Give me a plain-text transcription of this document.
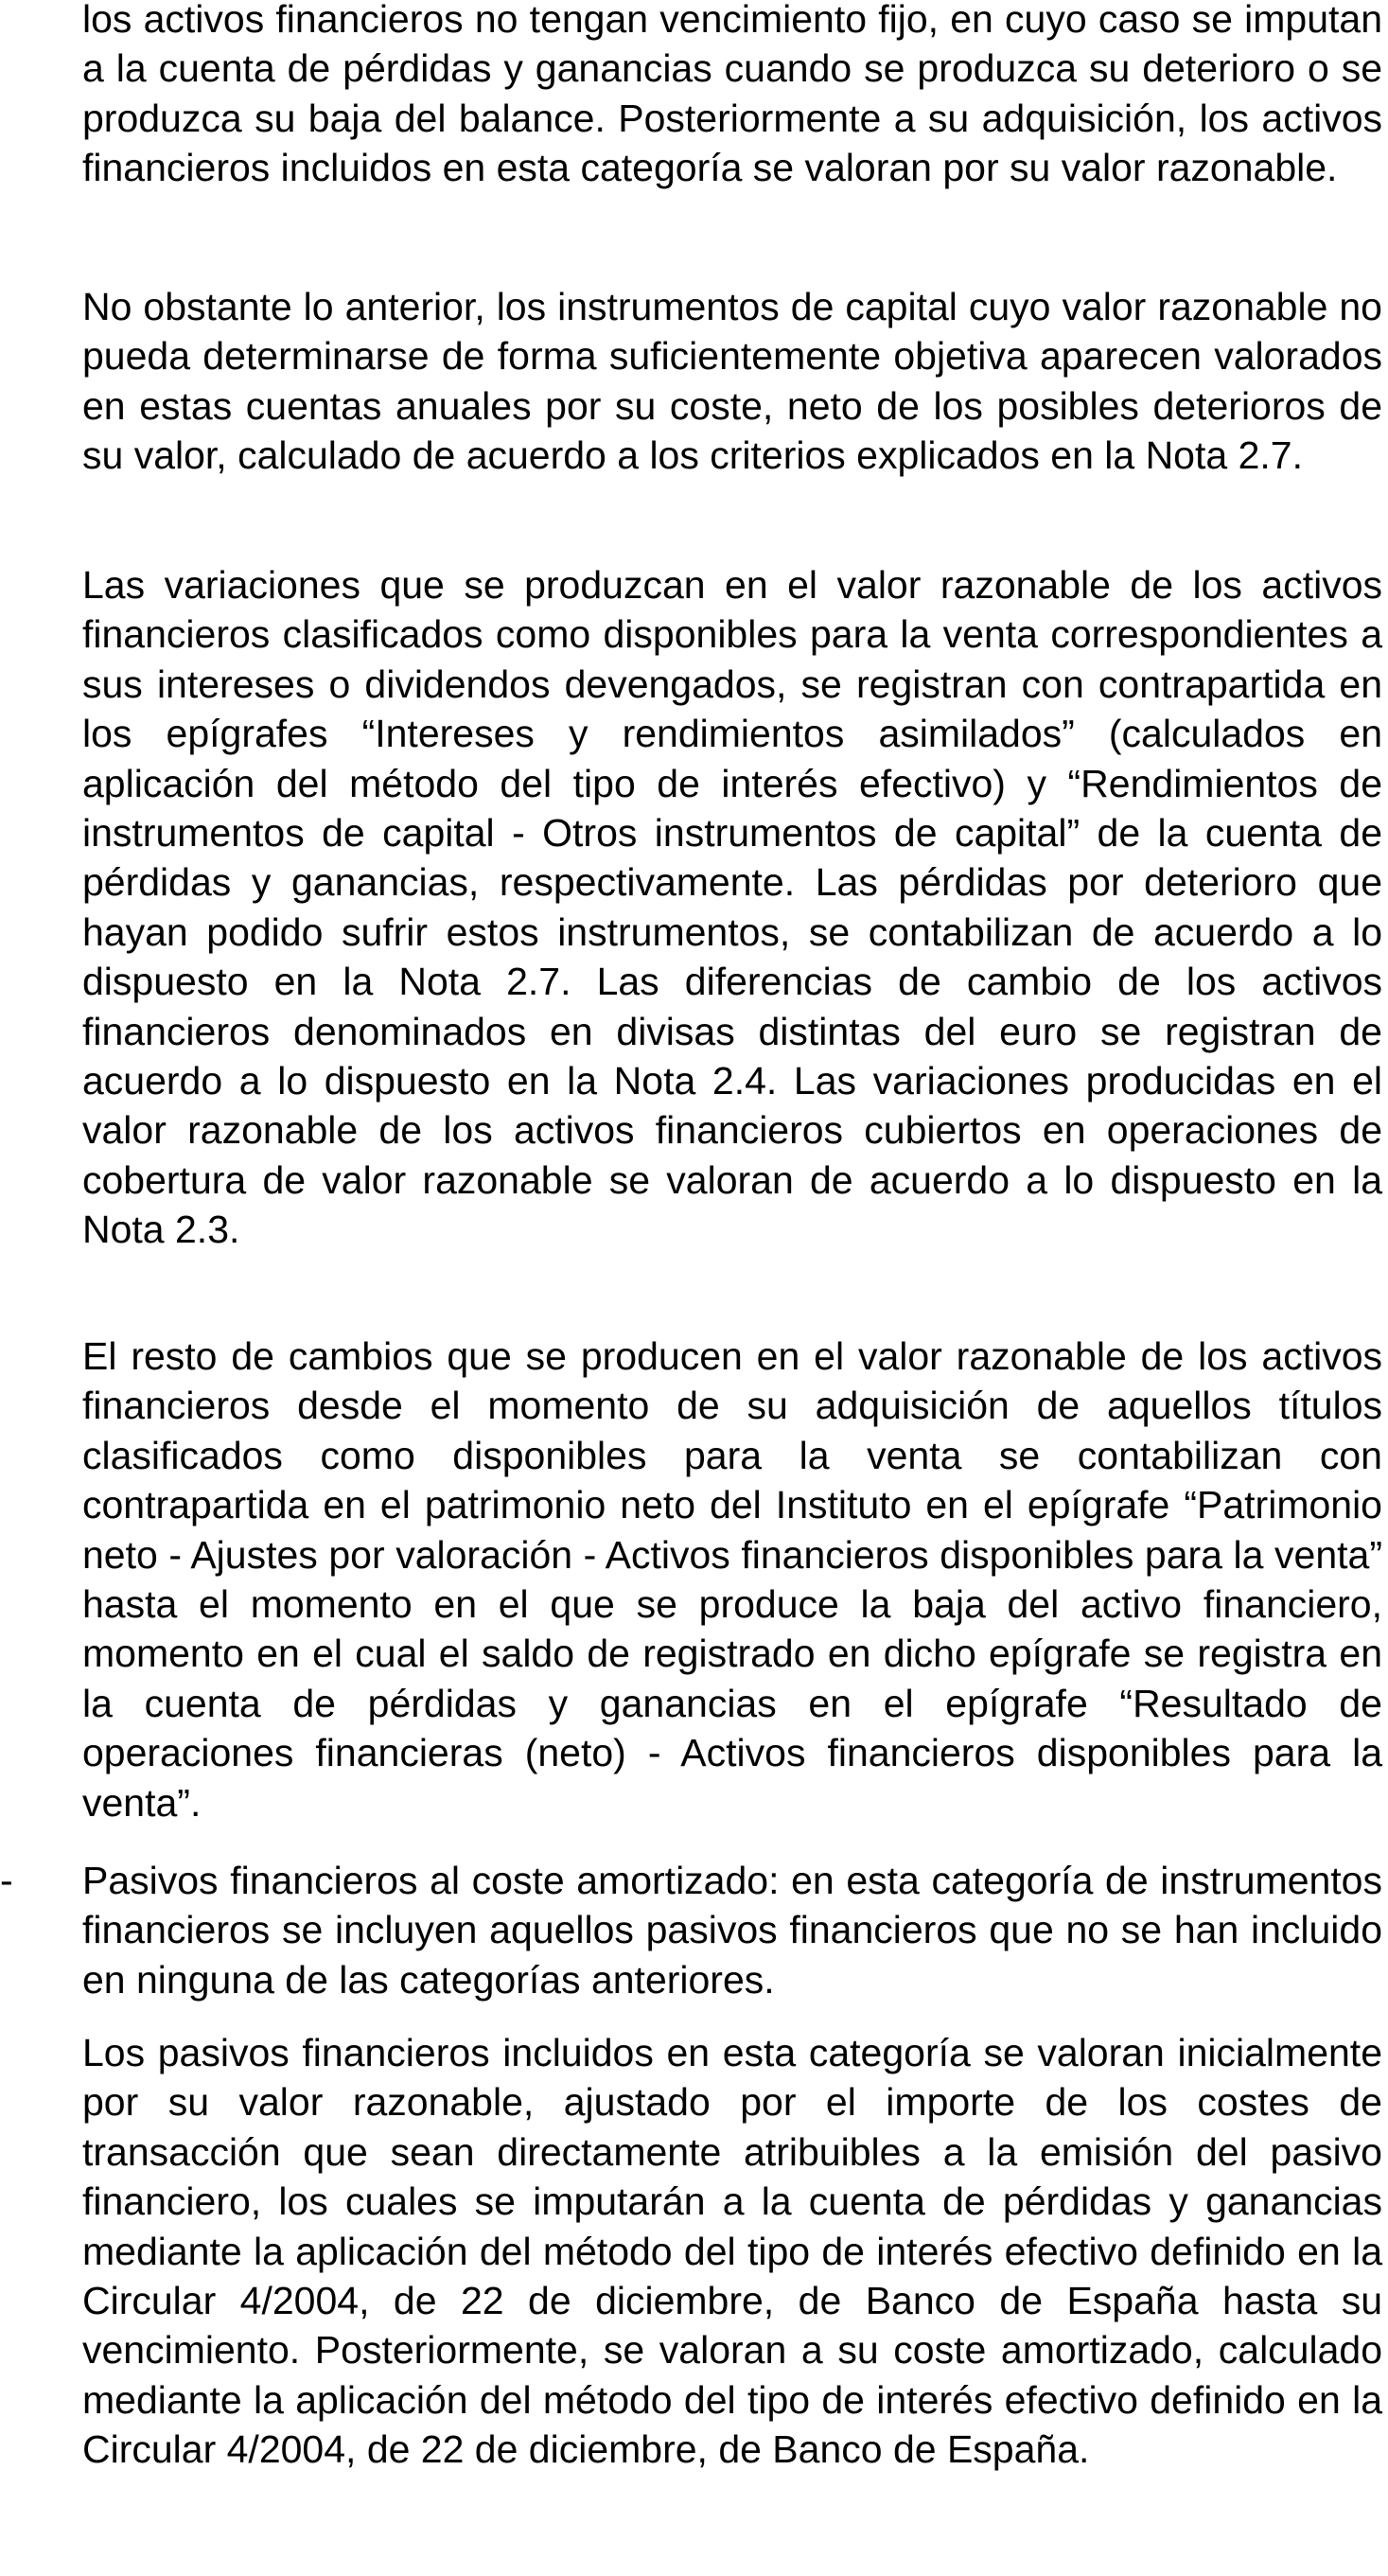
los activos financieros no tengan vencimiento fijo, en cuyo caso se imputan a la cuenta de pérdidas y ganancias cuando se produzca su deterioro o se produzca su baja del balance. Posteriormente a su adquisición, los activos financieros incluidos en esta categoría se valoran por su valor razonable.

No obstante lo anterior, los instrumentos de capital cuyo valor razonable no pueda determinarse de forma suficientemente objetiva aparecen valorados en estas cuentas anuales por su coste, neto de los posibles deterioros de su valor, calculado de acuerdo a los criterios explicados en la Nota 2.7.

Las variaciones que se produzcan en el valor razonable de los activos financieros clasificados como disponibles para la venta correspondientes a sus intereses o dividendos devengados, se registran con contrapartida en los epígrafes “Intereses y rendimientos asimilados” (calculados en aplicación del método del tipo de interés efectivo) y “Rendimientos de instrumentos de capital - Otros instrumentos de capital” de la cuenta de pérdidas y ganancias, respectivamente. Las pérdidas por deterioro que hayan podido sufrir estos instrumentos, se contabilizan de acuerdo a lo dispuesto en la Nota 2.7. Las diferencias de cambio de los activos financieros denominados en divisas distintas del euro se registran de acuerdo a lo dispuesto en la Nota 2.4. Las variaciones producidas en el valor razonable de los activos financieros cubiertos en operaciones de cobertura de valor razonable se valoran de acuerdo a lo dispuesto en la Nota 2.3.

El resto de cambios que se producen en el valor razonable de los activos financieros desde el momento de su adquisición de aquellos títulos clasificados como disponibles para la venta se contabilizan con contrapartida en el patrimonio neto del Instituto en el epígrafe “Patrimonio neto - Ajustes por valoración - Activos financieros disponibles para la venta” hasta el momento en el que se produce la baja del activo financiero, momento en el cual el saldo de registrado en dicho epígrafe se registra en la cuenta de pérdidas y ganancias en el epígrafe “Resultado de operaciones financieras (neto) - Activos financieros disponibles para la venta”.

-	Pasivos financieros al coste amortizado: en esta categoría de instrumentos financieros se incluyen aquellos pasivos financieros que no se han incluido en ninguna de las categorías anteriores.

Los pasivos financieros incluidos en esta categoría se valoran inicialmente por su valor razonable, ajustado por el importe de los costes de transacción que sean directamente atribuibles a la emisión del pasivo financiero, los cuales se imputarán a la cuenta de pérdidas y ganancias mediante la aplicación del método del tipo de interés efectivo definido en la Circular 4/2004, de 22 de diciembre, de Banco de España hasta su vencimiento. Posteriormente, se valoran a su coste amortizado, calculado mediante la aplicación del método del tipo de interés efectivo definido en la Circular 4/2004, de 22 de diciembre, de Banco de España.
